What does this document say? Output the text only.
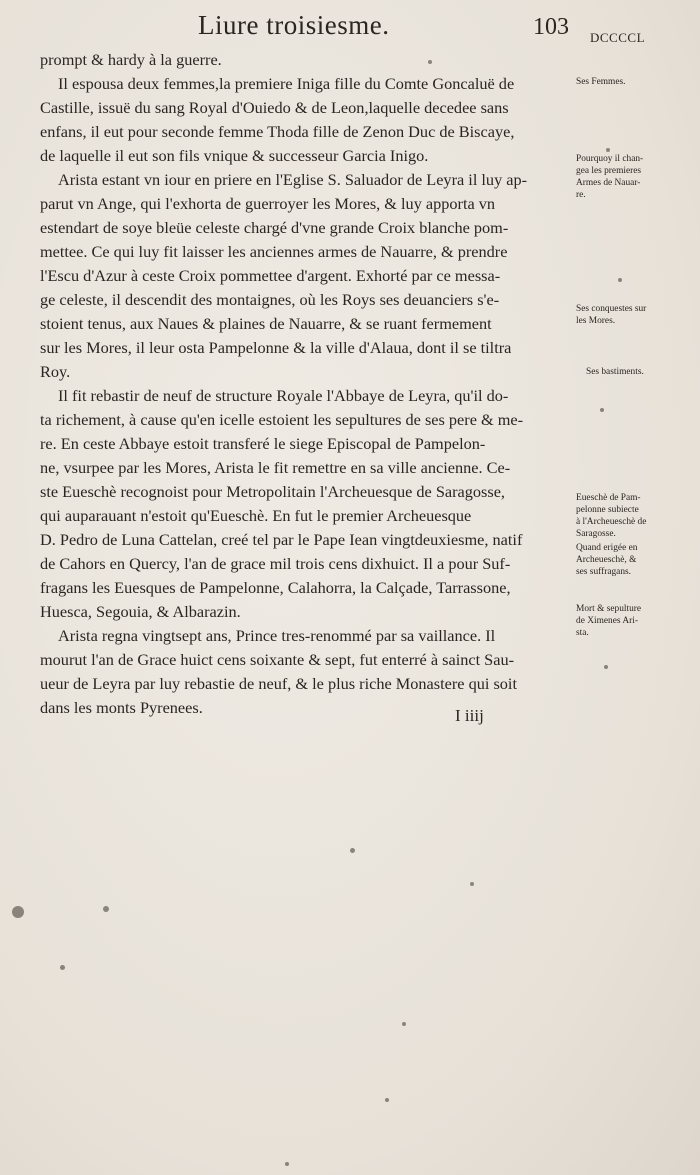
Liure troisiesme.	103 DCCCCL
prompt & hardy à la guerre.
Il espousa deux femmes,la premiere Iniga fille du Comte Goncaluë de
Castille, issuë du sang Royal d'Ouiedo & de Leon,laquelle decedee sans
enfans, il eut pour seconde femme Thoda fille de Zenon Duc de Biscaye,
de laquelle il eut son fils vnique & successeur Garcia Inigo.
Arista estant vn iour en priere en l'Eglise S. Saluador de Leyra il luy ap-
parut vn Ange, qui l'exhorta de guerroyer les Mores, & luy apporta vn
estendart de soye bleüe celeste chargé d'vne grande Croix blanche pom-
mettee. Ce qui luy fit laisser les anciennes armes de Nauarre, & prendre
l'Escu d'Azur à ceste Croix pommettee d'argent. Exhorté par ce messa-
ge celeste, il descendit des montaignes, où les Roys ses deuanciers s'e-
stoient tenus, aux Naues & plaines de Nauarre, & se ruant fermement
sur les Mores, il leur osta Pampelonne & la ville d'Alaua, dont il se tiltra
Roy.
Il fit rebastir de neuf de structure Royale l'Abbaye de Leyra, qu'il do-
ta richement, à cause qu'en icelle estoient les sepultures de ses pere & me-
re. En ceste Abbaye estoit transferé le siege Episcopal de Pampelon-
ne, vsurpee par les Mores, Arista le fit remettre en sa ville ancienne. Ce-
ste Eueschè recognoist pour Metropolitain l'Archeuesque de Saragosse,
qui auparauant n'estoit qu'Eueschè. En fut le premier Archeuesque
D. Pedro de Luna Cattelan, creé tel par le Pape Iean vingtdeuxiesme, natif
de Cahors en Quercy, l'an de grace mil trois cens dixhuict. Il a pour Suf-
fragans les Euesques de Pampelonne, Calahorra, la Calçade, Tarrassone,
Huesca, Segouia, & Albarazin.
Arista regna vingtsept ans, Prince tres-renommé par sa vaillance. Il
mourut l'an de Grace huict cens soixante & sept, fut enterré à sainct Sau-
ueur de Leyra par luy rebastie de neuf, & le plus riche Monastere qui soit
dans les monts Pyrenees.
Ses Femmes.
Pourquoy il chan-
gea les premieres
Armes de Nauar-
re.
Ses conquestes sur
les Mores.
Ses bastiments.
Eueschè de Pam-
pelonne subiecte
à l'Archeueschè de
Saragosse.
Quand erigée en
Archeueschè, &
ses suffragans.
Mort & sepulture
de Ximenes Ari-
sta.
I iiij
